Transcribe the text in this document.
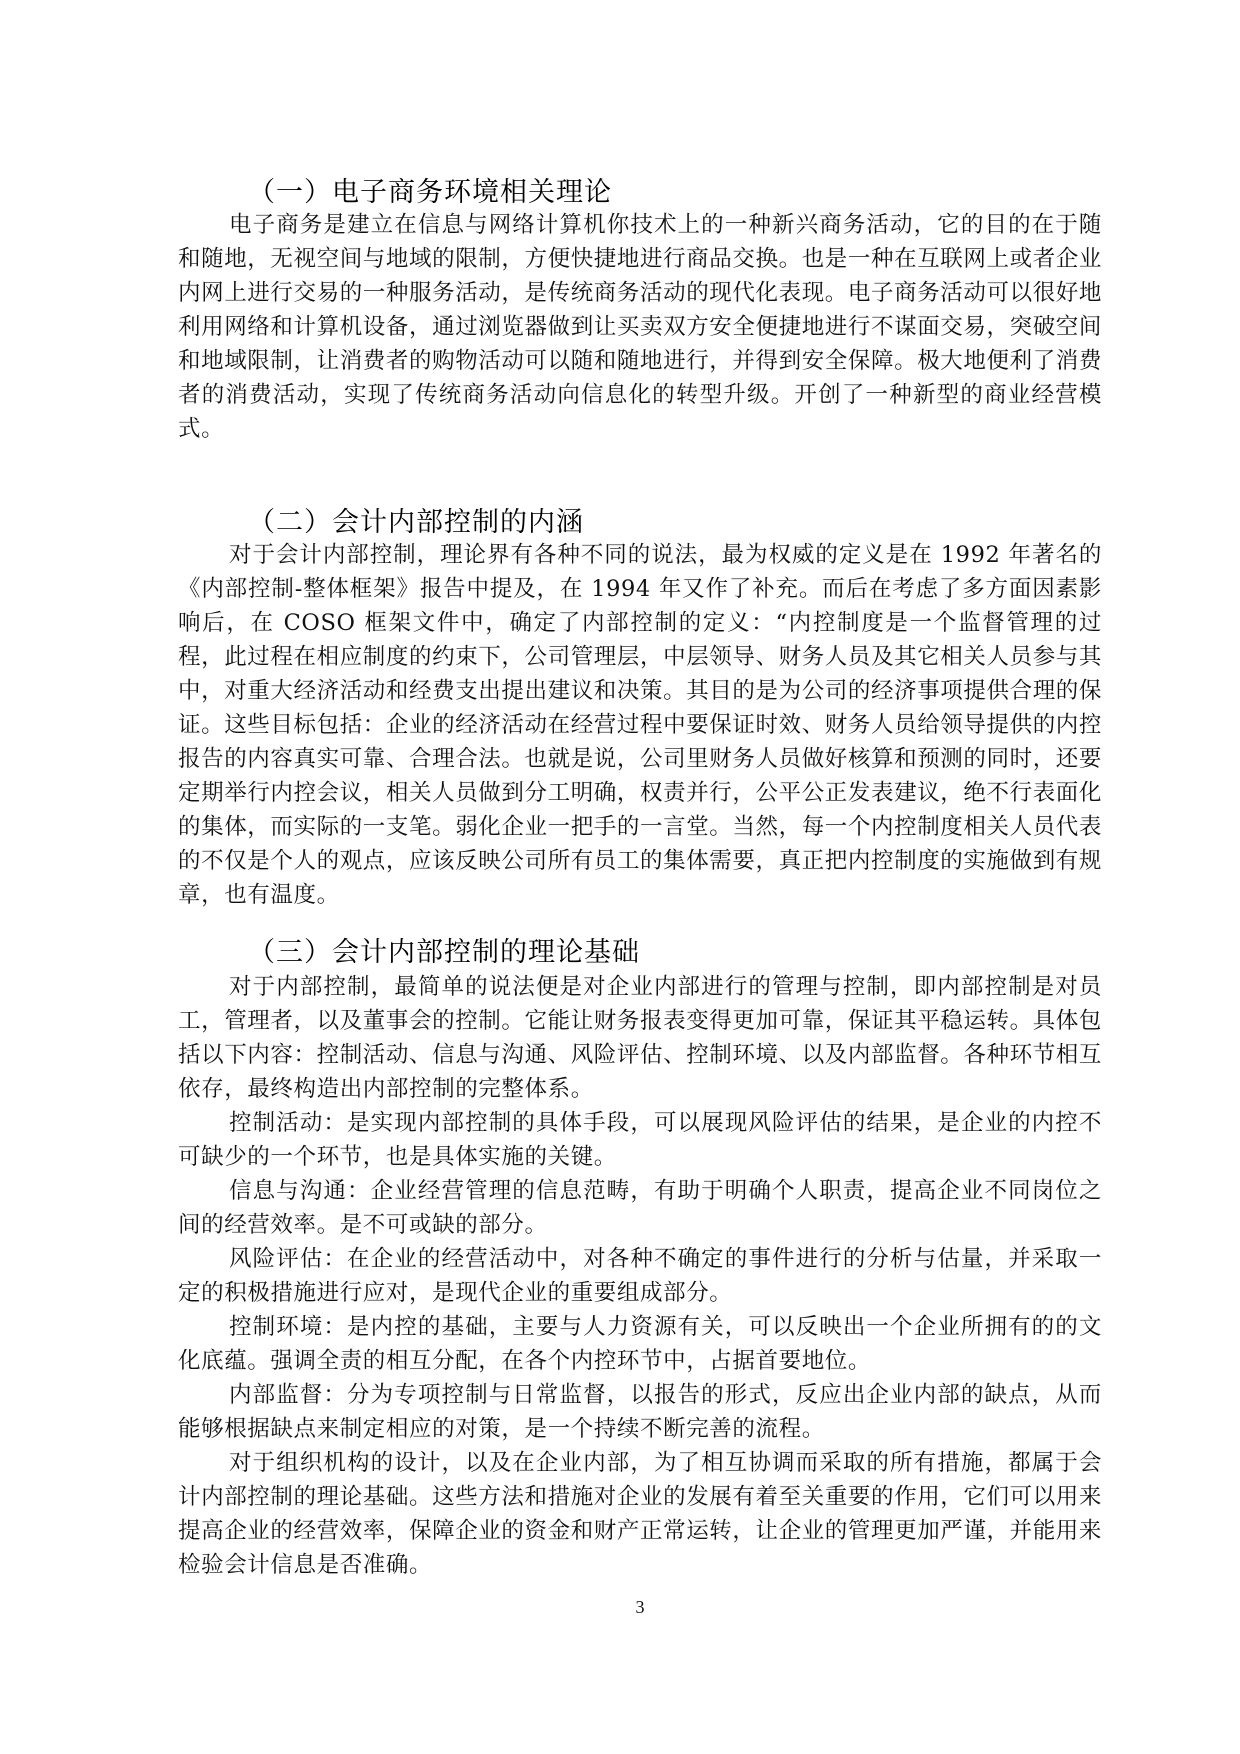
（一）电子商务环境相关理论

电子商务是建立在信息与网络计算机你技术上的一种新兴商务活动，它的目的在于随和随地，无视空间与地域的限制，方便快捷地进行商品交换。也是一种在互联网上或者企业内网上进行交易的一种服务活动，是传统商务活动的现代化表现。电子商务活动可以很好地利用网络和计算机设备，通过浏览器做到让买卖双方安全便捷地进行不谋面交易，突破空间和地域限制，让消费者的购物活动可以随和随地进行，并得到安全保障。极大地便利了消费者的消费活动，实现了传统商务活动向信息化的转型升级。开创了一种新型的商业经营模式。

（二）会计内部控制的内涵

对于会计内部控制，理论界有各种不同的说法，最为权威的定义是在 1992 年著名的《内部控制-整体框架》报告中提及，在 1994 年又作了补充。而后在考虑了多方面因素影响后，在 COSO 框架文件中，确定了内部控制的定义：“内控制度是一个监督管理的过程，此过程在相应制度的约束下，公司管理层，中层领导、财务人员及其它相关人员参与其中，对重大经济活动和经费支出提出建议和决策。其目的是为公司的经济事项提供合理的保证。这些目标包括：企业的经济活动在经营过程中要保证时效、财务人员给领导提供的内控报告的内容真实可靠、合理合法。也就是说，公司里财务人员做好核算和预测的同时，还要定期举行内控会议，相关人员做到分工明确，权责并行，公平公正发表建议，绝不行表面化的集体，而实际的一支笔。弱化企业一把手的一言堂。当然，每一个内控制度相关人员代表的不仅是个人的观点，应该反映公司所有员工的集体需要，真正把内控制度的实施做到有规章，也有温度。

（三）会计内部控制的理论基础

对于内部控制，最简单的说法便是对企业内部进行的管理与控制，即内部控制是对员工，管理者，以及董事会的控制。它能让财务报表变得更加可靠，保证其平稳运转。具体包括以下内容：控制活动、信息与沟通、风险评估、控制环境、以及内部监督。各种环节相互依存，最终构造出内部控制的完整体系。

控制活动：是实现内部控制的具体手段，可以展现风险评估的结果，是企业的内控不可缺少的一个环节，也是具体实施的关键。

信息与沟通：企业经营管理的信息范畴，有助于明确个人职责，提高企业不同岗位之间的经营效率。是不可或缺的部分。

风险评估：在企业的经营活动中，对各种不确定的事件进行的分析与估量，并采取一定的积极措施进行应对，是现代企业的重要组成部分。

控制环境：是内控的基础，主要与人力资源有关，可以反映出一个企业所拥有的的文化底蕴。强调全责的相互分配，在各个内控环节中，占据首要地位。

内部监督：分为专项控制与日常监督，以报告的形式，反应出企业内部的缺点，从而能够根据缺点来制定相应的对策，是一个持续不断完善的流程。

对于组织机构的设计，以及在企业内部，为了相互协调而采取的所有措施，都属于会计内部控制的理论基础。这些方法和措施对企业的发展有着至关重要的作用，它们可以用来提高企业的经营效率，保障企业的资金和财产正常运转，让企业的管理更加严谨，并能用来检验会计信息是否准确。

3
